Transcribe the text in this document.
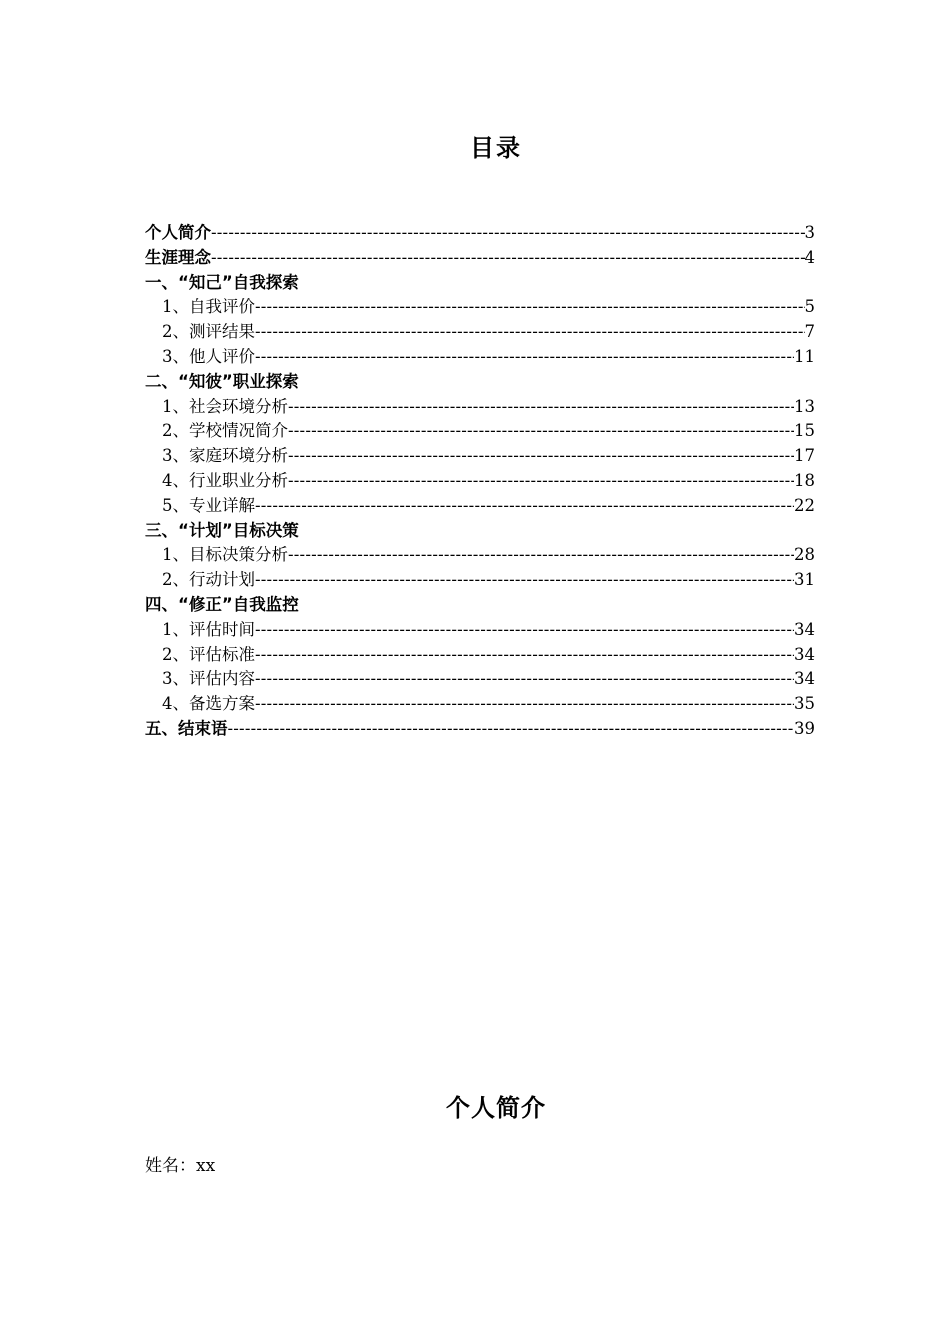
目录
个人简介 -----	3
生涯理念 -----	4
一、“知己”自我探索
1、自我评价 -----	5
2、测评结果 -----	7
3、他人评价 -----	11
二、“知彼”职业探索
1、社会环境分析 -----	13
2、学校情况简介 -----	15
3、家庭环境分析 -----	17
4、行业职业分析 -----	18
5、专业详解 -----	22
三、“计划”目标决策
1、目标决策分析 -----	28
2、行动计划 -----	31
四、“修正”自我监控
1、评估时间 -----	34
2、评估标准 -----	34
3、评估内容 -----	34
4、备选方案 -----	35
五、结束语 -----	39
个人简介
姓名：xx
